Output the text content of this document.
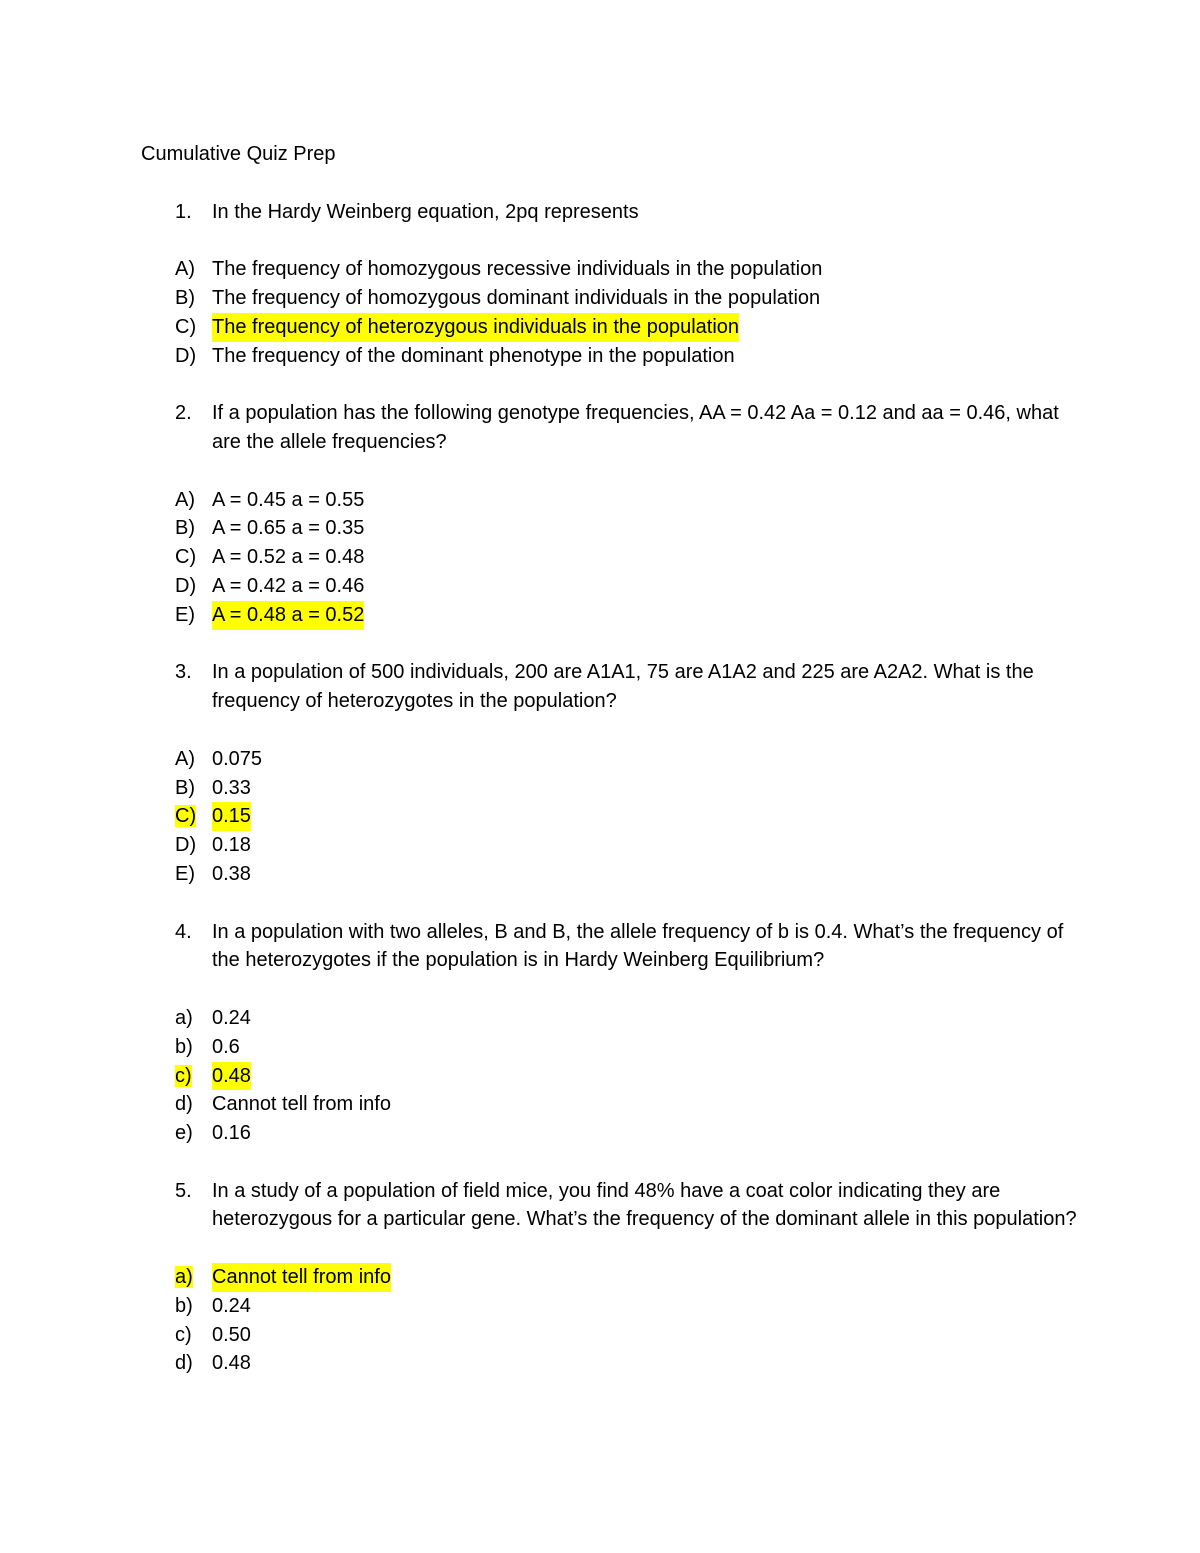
Cumulative Quiz Prep
1.	In the Hardy Weinberg equation, 2pq represents
A) The frequency of homozygous recessive individuals in the population
B) The frequency of homozygous dominant individuals in the population
C) The frequency of heterozygous individuals in the population
D) The frequency of the dominant phenotype in the population
2.	If a population has the following genotype frequencies, AA = 0.42 Aa = 0.12 and aa = 0.46, what are the allele frequencies?
A) A = 0.45 a = 0.55
B) A = 0.65 a = 0.35
C) A = 0.52 a = 0.48
D) A = 0.42 a = 0.46
E) A = 0.48 a = 0.52
3.	In a population of 500 individuals, 200 are A1A1, 75 are A1A2 and 225 are A2A2. What is the frequency of heterozygotes in the population?
A) 0.075
B) 0.33
C) 0.15
D) 0.18
E) 0.38
4.	In a population with two alleles, B and B, the allele frequency of b is 0.4. What’s the frequency of the heterozygotes if the population is in Hardy Weinberg Equilibrium?
a) 0.24
b) 0.6
c)	0.48
d) Cannot tell from info
e) 0.16
5.	In a study of a population of field mice, you find 48% have a coat color indicating they are heterozygous for a particular gene. What’s the frequency of the dominant allele in this population?
a) Cannot tell from info
b) 0.24
c)	0.50
d) 0.48
